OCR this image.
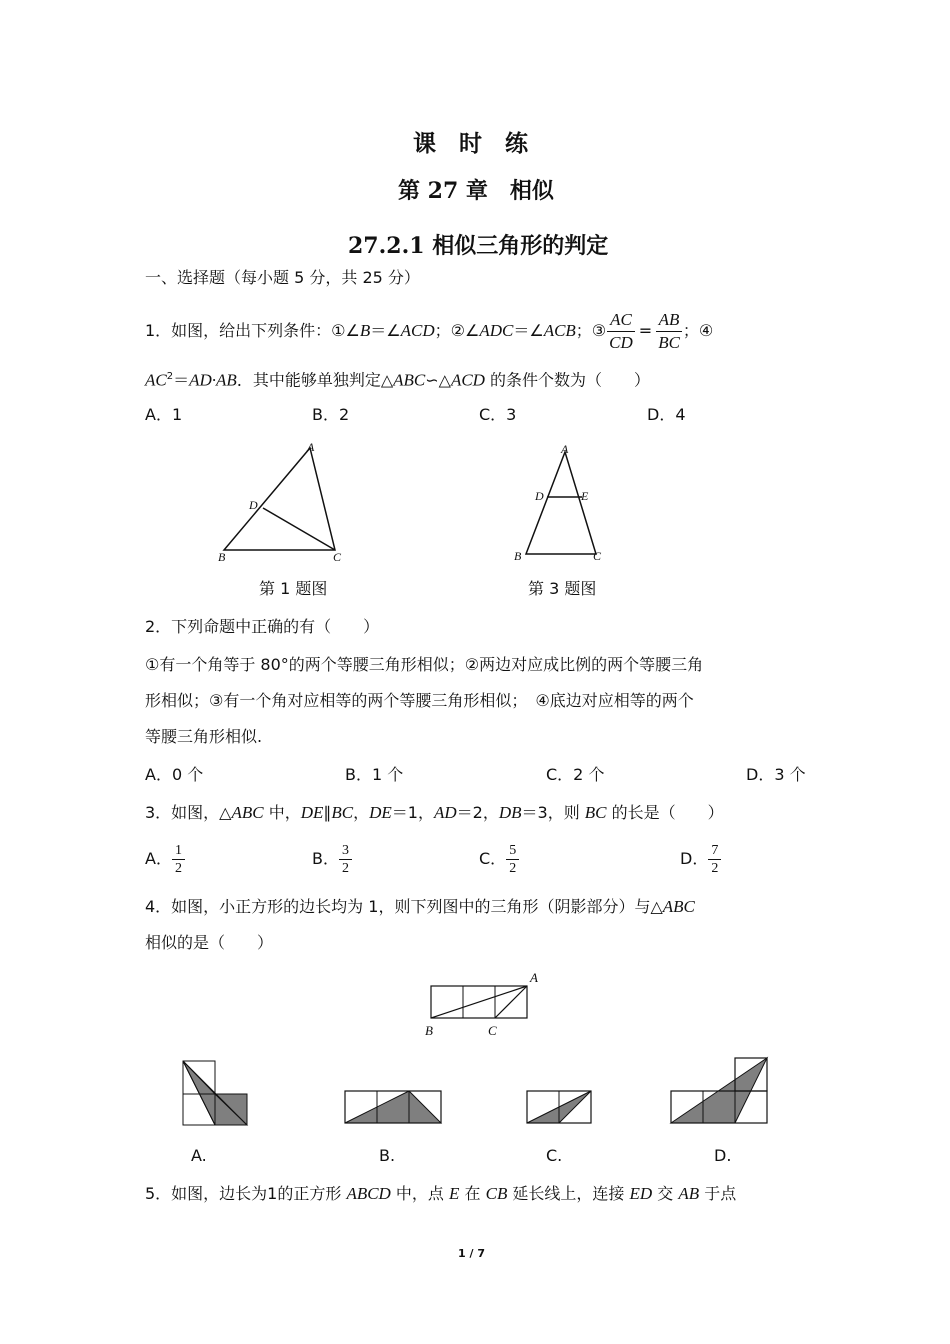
课　时　练
第 27 章　相似
27.2.1 相似三角形的判定
一、选择题（每小题 5 分，共 25 分）
1．如图，给出下列条件：①∠ B ＝∠ ACD ；②∠ ADC ＝∠ ACB ；③ $\frac{AC}{CD} = \frac{AB}{BC}$ ；④
$AC^2=AD\cdot AB$．其中能够单独判定△ABC∽△ACD 的条件个数为（　　）
A．1	B．2	C．3	D．4
A
D
B	C
第 1 题图
A
D	E
B	C
第 3 题图
2．下列命题中正确的有（　　）
①有一个角等于 80°的两个等腰三角形相似；②两边对应成比例的两个等腰三角
形相似；③有一个角对应相等的两个等腰三角形相似；　④底边对应相等的两个
等腰三角形相似.
A．0 个	B．1 个	C．2 个	D．3 个
3．如图，△ABC 中，DE∥BC，DE＝1，AD＝2，DB＝3，则 BC 的长是（　　）
A． $\frac{1}{2}$	B． $\frac{3}{2}$	C． $\frac{5}{2}$	D． $\frac{7}{2}$
4．如图，小正方形的边长均为 1，则下列图中的三角形（阴影部分）与△ABC
相似的是（　　）
A
B	C
A.	B.	C.	D.
5．如图，边长为1的正方形 ABCD 中，点 E 在 CB 延长线上，连接 ED 交 AB 于点
1 / 7
